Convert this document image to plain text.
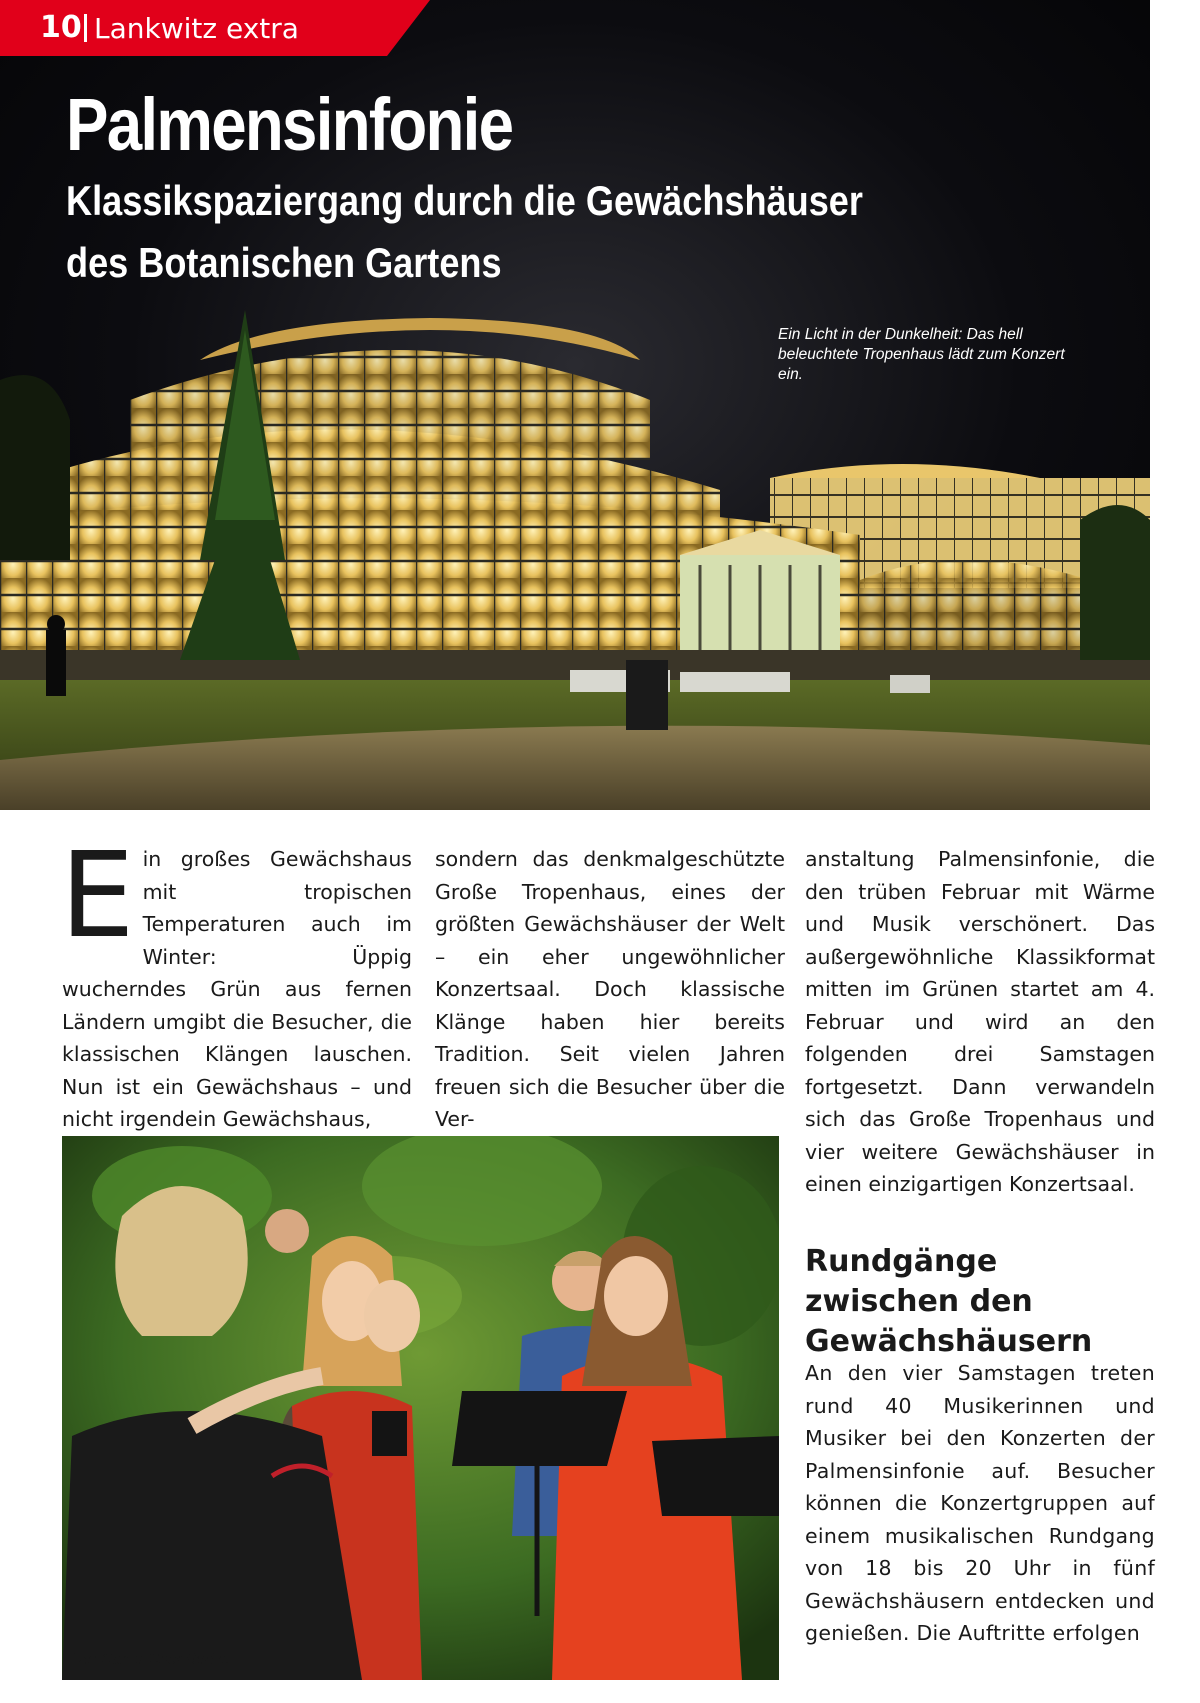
10 Lankwitz extra
Palmensinfonie
Klassikspaziergang durch die Gewächshäuser des Botanischen Gartens

Ein Licht in der Dunkelheit: Das hell beleuchtete Tropenhaus lädt zum Konzert ein.

Ein großes Gewächshaus mit tropischen Temperaturen auch im Winter: Üppig wucherndes Grün aus fernen Ländern umgibt die Besucher, die klassischen Klängen lauschen. Nun ist ein Gewächshaus – und nicht irgendein Gewächshaus,
sondern das denkmalgeschützte Große Tropenhaus, eines der größten Gewächshäuser der Welt – ein eher ungewöhnlicher Konzertsaal. Doch klassische Klänge haben hier bereits Tradition. Seit vielen Jahren freuen sich die Besucher über die Ver-
anstaltung Palmensinfonie, die den trüben Februar mit Wärme und Musik verschönert. Das außergewöhnliche Klassikformat mitten im Grünen startet am 4. Februar und wird an den folgenden drei Samstagen fortgesetzt. Dann verwandeln sich das Große Tropenhaus und vier weitere Gewächshäuser in einen einzigartigen Konzertsaal.
Rundgänge zwischen den Gewächshäusern
An den vier Samstagen treten rund 40 Musikerinnen und Musiker bei den Konzerten der Palmensinfonie auf. Besucher können die Konzertgruppen auf einem musikalischen Rundgang von 18 bis 20 Uhr in fünf Gewächshäusern entdecken und genießen. Die Auftritte erfolgen
Der Canto-Chor Berlin.
